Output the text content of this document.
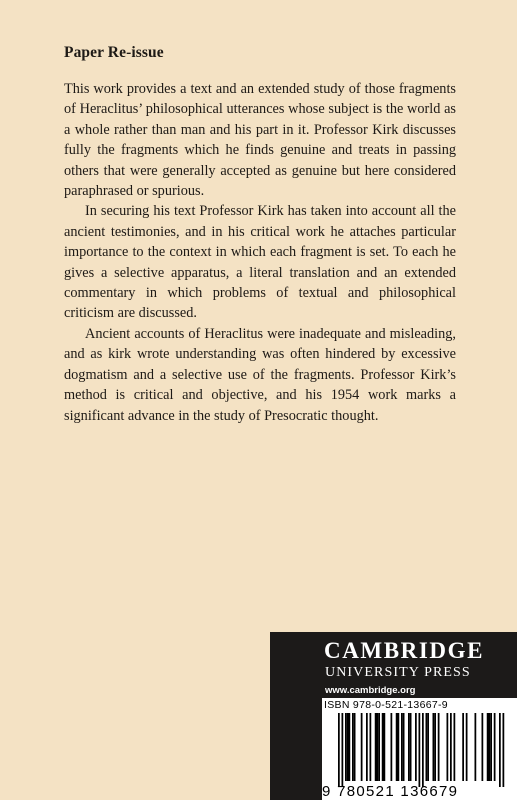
Paper Re-issue

This work provides a text and an extended study of those fragments of Heraclitus’ philosophical utterances whose subject is the world as a whole rather than man and his part in it. Professor Kirk discusses fully the fragments which he finds genuine and treats in passing others that were generally accepted as genuine but here considered paraphrased or spurious.

In securing his text Professor Kirk has taken into account all the ancient testimonies, and in his critical work he attaches particular importance to the context in which each fragment is set. To each he gives a selective apparatus, a literal translation and an extended commentary in which problems of textual and philosophical criticism are discussed.

Ancient accounts of Heraclitus were inadequate and misleading, and as kirk wrote understanding was often hindered by excessive dogmatism and a selective use of the fragments. Professor Kirk’s method is critical and objective, and his 1954 work marks a significant advance in the study of Presocratic thought.

CAMBRIDGE
UNIVERSITY PRESS
www.cambridge.org
ISBN 978-0-521-13667-9
9 780521 136679
